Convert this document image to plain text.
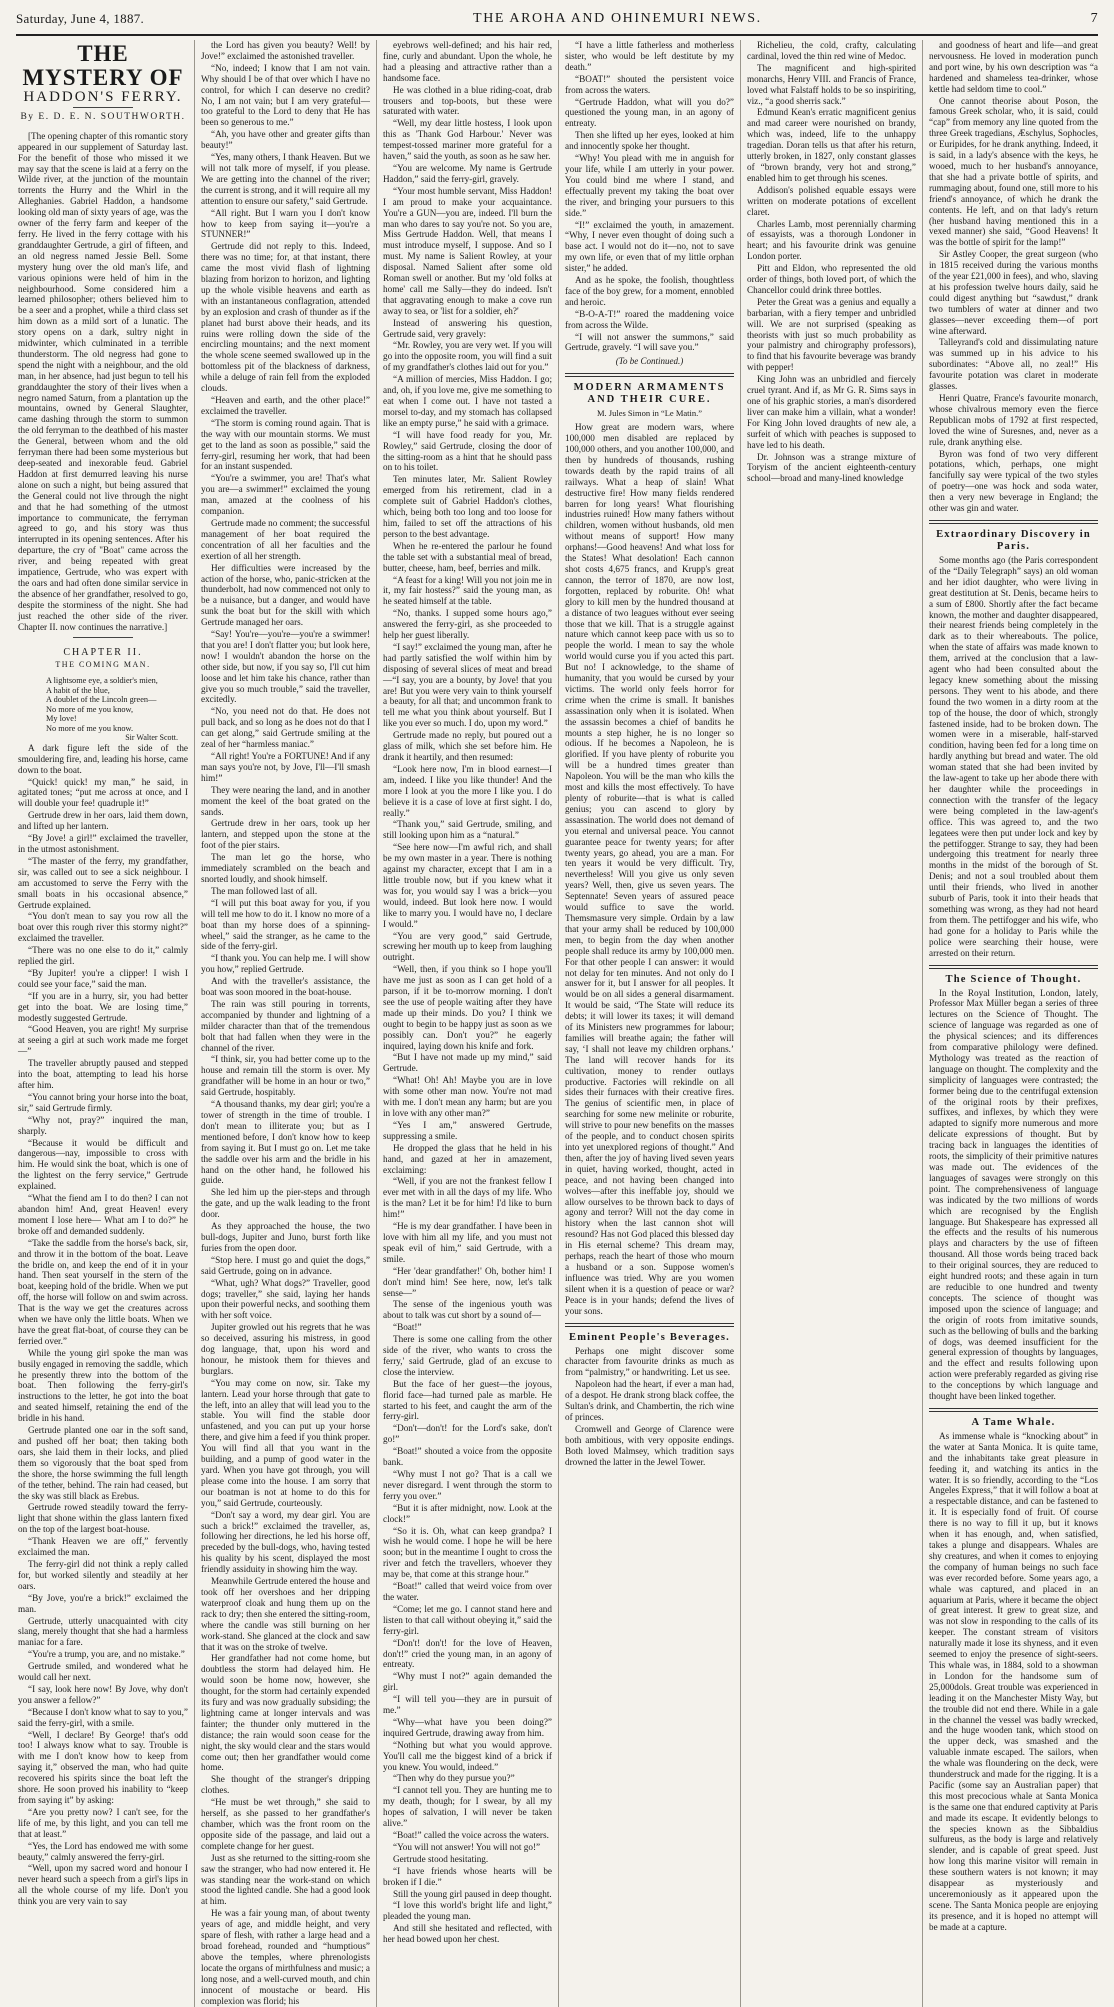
Saturday, June 4, 1887.	THE AROHA AND OHINEMURI NEWS.	7
THE MYSTERY OF
HADDON'S FERRY.
By E. D. E. N. SOUTHWORTH.

[The opening chapter of this romantic story appeared in our supplement of Saturday last. For the benefit of those who missed it we may say that the scene is laid at a ferry on the Wilde river, at the junction of the mountain torrents the Hurry and the Whirl in the Alleghanies. Gabriel Haddon, a handsome looking old man of sixty years of age, was the owner of the ferry farm and keeper of the ferry. He lived in the ferry cottage with his granddaughter Gertrude, a girl of fifteen, and an old negress named Jessie Bell. Some mystery hung over the old man's life, and various opinions were held of him in the neighbourhood. Some considered him a learned philosopher; others believed him to be a seer and a prophet, while a third class set him down as a mild sort of a lunatic. The story opens on a dark, sultry night in midwinter, which culminated in a terrible thunderstorm. The old negress had gone to spend the night with a neighbour, and the old man, in her absence, had just begun to tell his granddaughter the story of their lives when a negro named Saturn, from a plantation up the mountains, owned by General Slaughter, came dashing through the storm to summon the old ferryman to the deathbed of his master the General, between whom and the old ferryman there had been some mysterious but deep-seated and inexorable feud. Gabriel Haddon at first demurred leaving his nurse alone on such a night, but being assured that the General could not live through the night and that he had something of the utmost importance to communicate, the ferryman agreed to go, and his story was thus interrupted in its opening sentences. After his departure, the cry of "Boat" came across the river, and being repeated with great impatience, Gertrude, who was expert with the oars and had often done similar service in the absence of her grandfather, resolved to go, despite the storminess of the night. She had just reached the other side of the river. Chapter II. now continues the narrative.]

CHAPTER II.
THE COMING MAN.
A lightsome eye, a soldier's mien,
A habit of the blue,
A doublet of the Lincoln green—
No more of me you know,
My love!
No more of me you know.
Sir Walter Scott.

A dark figure left the side of the smouldering fire, and, leading his horse, came down to the boat.

“Quick! quick! my man,” he said, in agitated tones; “put me across at once, and I will double your fee! quadruple it!”

Gertrude drew in her oars, laid them down, and lifted up her lantern.

“By Jove! a girl!” exclaimed the traveller, in the utmost astonishment.

“The master of the ferry, my grandfather, sir, was called out to see a sick neighbour. I am accustomed to serve the Ferry with the small boats in his occasional absence,” Gertrude explained.

“You don't mean to say you row all the boat over this rough river this stormy night?” exclaimed the traveller.

“There was no one else to do it,” calmly replied the girl.

“By Jupiter! you're a clipper! I wish I could see your face,” said the man.

“If you are in a hurry, sir, you had better get into the boat. We are losing time,” modestly suggested Gertrude.

“Good Heaven, you are right! My surprise at seeing a girl at such work made me forget—”

The traveller abruptly paused and stepped into the boat, attempting to lead his horse after him.

“You cannot bring your horse into the boat, sir,” said Gertrude firmly.

“Why not, pray?” inquired the man, sharply.

“Because it would be difficult and dangerous—nay, impossible to cross with him. He would sink the boat, which is one of the lightest on the ferry service,” Gertrude explained.

“What the fiend am I to do then? I can not abandon him! And, great Heaven! every moment I lose here— What am I to do?” he broke off and demanded suddenly.

“Take the saddle from the horse's back, sir, and throw it in the bottom of the boat. Leave the bridle on, and keep the end of it in your hand. Then seat yourself in the stern of the boat, keeping hold of the bridle. When we put off, the horse will follow on and swim across. That is the way we get the creatures across when we have only the little boats. When we have the great flat-boat, of course they can be ferried over.”

While the young girl spoke the man was busily engaged in removing the saddle, which he presently threw into the bottom of the boat. Then following the ferry-girl's instructions to the letter, he got into the boat and seated himself, retaining the end of the bridle in his hand.

Gertrude planted one oar in the soft sand, and pushed off her boat; then taking both oars, she laid them in their locks, and plied them so vigorously that the boat sped from the shore, the horse swimming the full length of the tether, behind. The rain had ceased, but the sky was still black as Erebus.

Gertrude rowed steadily toward the ferry-light that shone within the glass lantern fixed on the top of the largest boat-house.

“Thank Heaven we are off,” fervently exclaimed the man.

The ferry-girl did not think a reply called for, but worked silently and steadily at her oars.

“By Jove, you're a brick!” exclaimed the man.

Gertrude, utterly unacquainted with city slang, merely thought that she had a harmless maniac for a fare.

“You're a trump, you are, and no mistake.”

Gertrude smiled, and wondered what he would call her next.

“I say, look here now! By Jove, why don't you answer a fellow?”

“Because I don't know what to say to you,” said the ferry-girl, with a smile.

“Well, I declare! By George! that's odd too! I always know what to say. Trouble is with me I don't know how to keep from saying it,” observed the man, who had quite recovered his spirits since the boat left the shore. He soon proved his inability to “keep from saying it” by asking:

“Are you pretty now? I can't see, for the life of me, by this light, and you can tell me that at least.”

“Yes, the Lord has endowed me with some beauty,” calmly answered the ferry-girl.

“Well, upon my sacred word and honour I never heard such a speech from a girl's lips in all the whole course of my life. Don't you think you are very vain to say

the Lord has given you beauty? Well! by Jove!” exclaimed the astonished traveller.

“No, indeed; I know that I am not vain. Why should I be of that over which I have no control, for which I can deserve no credit? No, I am not vain; but I am very grateful—too grateful to the Lord to deny that He has been so generous to me.”

“Ah, you have other and greater gifts than beauty!”

“Yes, many others, I thank Heaven. But we will not talk more of myself, if you please. We are getting into the channel of the river; the current is strong, and it will require all my attention to ensure our safety,” said Gertrude.

“All right. But I warn you I don't know how to keep from saying it—you're a STUNNER!”

Gertrude did not reply to this. Indeed, there was no time; for, at that instant, there came the most vivid flash of lightning blazing from horizon to horizon, and lighting up the whole visible heavens and earth as with an instantaneous conflagration, attended by an explosion and crash of thunder as if the planet had burst above their heads, and its ruins were rolling down the side of the encircling mountains; and the next moment the whole scene seemed swallowed up in the bottomless pit of the blackness of darkness, while a deluge of rain fell from the exploded clouds.

“Heaven and earth, and the other place!” exclaimed the traveller.

“The storm is coming round again. That is the way with our mountain storms. We must get to the land as soon as possible,” said the ferry-girl, resuming her work, that had been for an instant suspended.

“You're a swimmer, you are! That's what you are—a swimmer!” exclaimed the young man, amazed at the coolness of his companion.

Gertrude made no comment; the successful management of her boat required the concentration of all her faculties and the exertion of all her strength.

Her difficulties were increased by the action of the horse, who, panic-stricken at the thunderbolt, had now commenced not only to be a nuisance, but a danger, and would have sunk the boat but for the skill with which Gertrude managed her oars.

“Say! You're—you're—you're a swimmer! that you are! I don't flatter you; but look here, now! I wouldn't abandon the horse on the other side, but now, if you say so, I'll cut him loose and let him take his chance, rather than give you so much trouble,” said the traveller, excitedly.

“No, you need not do that. He does not pull back, and so long as he does not do that I can get along,” said Gertrude smiling at the zeal of her “harmless maniac.”

“All right! You're a FORTUNE! And if any man says you're not, by Jove, I'll—I'll smash him!”

They were nearing the land, and in another moment the keel of the boat grated on the sands.

Gertrude drew in her oars, took up her lantern, and stepped upon the stone at the foot of the pier stairs.

The man let go the horse, who immediately scrambled on the beach and snorted loudly, and shook himself.

The man followed last of all.

“I will put this boat away for you, if you will tell me how to do it. I know no more of a boat than my horse does of a spinning-wheel,” said the stranger, as he came to the side of the ferry-girl.

“I thank you. You can help me. I will show you how,” replied Gertrude.

And with the traveller's assistance, the boat was soon moored in the boat-house.

The rain was still pouring in torrents, accompanied by thunder and lightning of a milder character than that of the tremendous bolt that had fallen when they were in the channel of the river.

“I think, sir, you had better come up to the house and remain till the storm is over. My grandfather will be home in an hour or two,” said Gertrude, hospitably.

“A thousand thanks, my dear girl; you're a tower of strength in the time of trouble. I don't mean to illiterate you; but as I mentioned before, I don't know how to keep from saying it. But I must go on. Let me take the saddle over his arm and the bridle in his hand on the other hand, he followed his guide.

She led him up the pier-steps and through the gate, and up the walk leading to the front door.

As they approached the house, the two bull-dogs, Jupiter and Juno, burst forth like furies from the open door.

“Stop here. I must go and quiet the dogs,” said Gertrude, going on in advance.

“What, ugh? What dogs?” Traveller, good dogs; traveller,” she said, laying her hands upon their powerful necks, and soothing them with her soft voice.

Jupiter growled out his regrets that he was so deceived, assuring his mistress, in good dog language, that, upon his word and honour, he mistook them for thieves and burglars.

“You may come on now, sir. Take my lantern. Lead your horse through that gate to the left, into an alley that will lead you to the stable. You will find the stable door unfastened, and you can put up your horse there, and give him a feed if you think proper. You will find all that you want in the building, and a pump of good water in the yard. When you have got through, you will please come into the house. I am sorry that our boatman is not at home to do this for you,” said Gertrude, courteously.

“Don't say a word, my dear girl. You are such a brick!” exclaimed the traveller, as, following her directions, he led his horse off, preceded by the bull-dogs, who, having tested his quality by his scent, displayed the most friendly assiduity in showing him the way.

Meanwhile Gertrude entered the house and took off her overshoes and her dripping waterproof cloak and hung them up on the rack to dry; then she entered the sitting-room, where the candle was still burning on her work-stand. She glanced at the clock and saw that it was on the stroke of twelve.

Her grandfather had not come home, but doubtless the storm had delayed him. He would soon be home now, however, she thought, for the storm had certainly expended its fury and was now gradually subsiding; the lightning came at longer intervals and was fainter; the thunder only muttered in the distance; the rain would soon cease for the night, the sky would clear and the stars would come out; then her grandfather would come home.

She thought of the stranger's dripping clothes.

“He must be wet through,” she said to herself, as she passed to her grandfather's chamber, which was the front room on the opposite side of the passage, and laid out a complete change for her guest.

Just as she returned to the sitting-room she saw the stranger, who had now entered it. He was standing near the work-stand on which stood the lighted candle. She had a good look at him.

He was a fair young man, of about twenty years of age, and middle height, and very spare of flesh, with rather a large head and a broad forehead, rounded and “humptious” above the temples, where phrenologists locate the organs of mirthfulness and music; a long nose, and a well-curved mouth, and chin innocent of moustache or beard. His complexion was florid; his

eyebrows well-defined; and his hair red, fine, curly and abundant. Upon the whole, he had a pleasing and attractive rather than a handsome face.

He was clothed in a blue riding-coat, drab trousers and top-boots, but these were saturated with water.

“Well, my dear little hostess, I look upon this as 'Thank God Harbour.' Never was tempest-tossed mariner more grateful for a haven,” said the youth, as soon as he saw her.

“You are welcome. My name is Gertrude Haddon,” said the ferry-girl, gravely.

“Your most humble servant, Miss Haddon! I am proud to make your acquaintance. You're a GUN—you are, indeed. I'll burn the man who dares to say you're not. So you are, Miss Gertrude Haddon. Well, that means I must introduce myself, I suppose. And so I must. My name is Salient Rowley, at your disposal. Named Salient after some old Roman swell or another. But my 'old folks at home' call me Sally—they do indeed. Isn't that aggravating enough to make a cove run away to sea, or 'list for a soldier, eh?'

Instead of answering his question, Gertrude said, very gravely:

“Mr. Rowley, you are very wet. If you will go into the opposite room, you will find a suit of my grandfather's clothes laid out for you.”

“A million of mercies, Miss Haddon. I go; and, oh, if you love me, give me something to eat when I come out. I have not tasted a morsel to-day, and my stomach has collapsed like an empty purse,” he said with a grimace.

“I will have food ready for you, Mr. Rowley,” said Gertrude, closing the door of the sitting-room as a hint that he should pass on to his toilet.

Ten minutes later, Mr. Salient Rowley emerged from his retirement, clad in a complete suit of Gabriel Haddon's clothes, which, being both too long and too loose for him, failed to set off the attractions of his person to the best advantage.

When he re-entered the parlour he found the table set with a substantial meal of bread, butter, cheese, ham, beef, berries and milk.

“A feast for a king! Will you not join me in it, my fair hostess?” said the young man, as he seated himself at the table.

“No, thanks. I supped some hours ago,” answered the ferry-girl, as she proceeded to help her guest liberally.

“I say!” exclaimed the young man, after he had partly satisfied the wolf within him by disposing of several slices of meat and bread—“I say, you are a bounty, by Jove! that you are! But you were very vain to think yourself a beauty, for all that; and uncommon frank to tell me what you think about yourself. But I like you ever so much. I do, upon my word.”

Gertrude made no reply, but poured out a glass of milk, which she set before him. He drank it heartily, and then resumed:

“Look here now, I'm in blood earnest—I am, indeed. I like you like thunder! And the more I look at you the more I like you. I do believe it is a case of love at first sight. I do, really.”

“Thank you,” said Gertrude, smiling, and still looking upon him as a “natural.”

“See here now—I'm awful rich, and shall be my own master in a year. There is nothing against my character, except that I am in a little trouble now, but if you knew what it was for, you would say I was a brick—you would, indeed. But look here now. I would like to marry you. I would have no, I declare I would.”

“You are very good,” said Gertrude, screwing her mouth up to keep from laughing outright.

“Well, then, if you think so I hope you'll have me just as soon as I can get hold of a parson, if it be to-morrow morning. I don't see the use of people waiting after they have made up their minds. Do you? I think we ought to begin to be happy just as soon as we possibly can. Don't you?” he eagerly inquired, laying down his knife and fork.

“But I have not made up my mind,” said Gertrude.

“What! Oh! Ah! Maybe you are in love with some other man now. You're not mad with me. I don't mean any harm; but are you in love with any other man?”

“Yes I am,” answered Gertrude, suppressing a smile.

He dropped the glass that he held in his hand, and gazed at her in amazement, exclaiming:

“Well, if you are not the frankest fellow I ever met with in all the days of my life. Who is the man? Let it be for him! I'd like to burn him!”

“He is my dear grandfather. I have been in love with him all my life, and you must not speak evil of him,” said Gertrude, with a smile.

“Her 'dear grandfather!' Oh, bother him! I don't mind him! See here, now, let's talk sense—”

The sense of the ingenious youth was about to talk was cut short by a sound of—

“Boat!”

There is some one calling from the other side of the river, who wants to cross the ferry,' said Gertrude, glad of an excuse to close the interview.

But the face of her guest—the joyous, florid face—had turned pale as marble. He started to his feet, and caught the arm of the ferry-girl.

“Don't—don't! for the Lord's sake, don't go!”

“Boat!” shouted a voice from the opposite bank.

“Why must I not go? That is a call we never disregard. I went through the storm to ferry you over.”

“But it is after midnight, now. Look at the clock!”

“So it is. Oh, what can keep grandpa? I wish he would come. I hope he will be here soon; but in the meantime I ought to cross the river and fetch the travellers, whoever they may be, that come at this strange hour.”

“Boat!” called that weird voice from over the water.

“Come; let me go. I cannot stand here and listen to that call without obeying it,” said the ferry-girl.

“Don't! don't! for the love of Heaven, don't!” cried the young man, in an agony of entreaty.

“Why must I not?” again demanded the girl.

“I will tell you—they are in pursuit of me.”

“Why—what have you been doing?” inquired Gertrude, drawing away from him.

“Nothing but what you would approve. You'll call me the biggest kind of a brick if you knew. You would, indeed.”

“Then why do they pursue you?”

“I cannot tell you. They are hunting me to my death, though; for I swear, by all my hopes of salvation, I will never be taken alive.”

“Boat!” called the voice across the waters.

“You will not answer! You will not go!”

Gertrude stood hesitating.

“I have friends whose hearts will be broken if I die.”

Still the young girl paused in deep thought.

“I love this world's bright life and light,” pleaded the young man.

And still she hesitated and reflected, with her head bowed upon her chest.

“I have a little fatherless and motherless sister, who would be left destitute by my death.”

“BOAT!” shouted the persistent voice from across the waters.

“Gertrude Haddon, what will you do?” questioned the young man, in an agony of entreaty.

Then she lifted up her eyes, looked at him and innocently spoke her thought.

“Why! You plead with me in anguish for your life, while I am utterly in your power. You could bind me where I stand, and effectually prevent my taking the boat over the river, and bringing your pursuers to this side.”

“I!” exclaimed the youth, in amazement. “Why, I never even thought of doing such a base act. I would not do it—no, not to save my own life, or even that of my little orphan sister,” he added.

And as he spoke, the foolish, thoughtless face of the boy grew, for a moment, ennobled and heroic.

“B-O-A-T!” roared the maddening voice from across the Wilde.

“I will not answer the summons,” said Gertrude, gravely. “I will save you.”

(To be Continued.)
MODERN ARMAMENTS AND THEIR CURE.
M. Jules Simon in “Le Matin.”

How great are modern wars, where 100,000 men disabled are replaced by 100,000 others, and you another 100,000, and then by hundreds of thousands, rushing towards death by the rapid trains of all railways. What a heap of slain! What destructive fire! How many fields rendered barren for long years! What flourishing industries ruined! How many fathers without children, women without husbands, old men without means of support! How many orphans!—Good heavens! And what loss for the States! What desolation! Each cannon shot costs 4,675 francs, and Krupp's great cannon, the terror of 1870, are now lost, forgotten, replaced by roburite. Oh! what glory to kill men by the hundred thousand at a distance of two leagues without ever seeing those that we kill. That is a struggle against nature which cannot keep pace with us so to people the world. I mean to say the whole world would curse you if you acted this part. But no! I acknowledge, to the shame of humanity, that you would be cursed by your victims. The world only feels horror for crime when the crime is small. It banishes assassination only when it is isolated. When the assassin becomes a chief of bandits he mounts a step higher, he is no longer so odious. If he becomes a Napoleon, he is glorified. If you have plenty of roburite you will be a hundred times greater than Napoleon. You will be the man who kills the most and kills the most effectively. To have plenty of roburite—that is what is called genius; you can ascend to glory by assassination. The world does not demand of you eternal and universal peace. You cannot guarantee peace for twenty years; for after twenty years, go ahead, you are a man. For ten years it would be very difficult. Try, nevertheless! Will you give us only seven years? Well, then, give us seven years. The Septennate! Seven years of assured peace would suffice to save the world. Themsmasure very simple. Ordain by a law that your army shall be reduced by 100,000 men, to begin from the day when another people shall reduce its army by 100,000 men. For that other people I can answer: it would not delay for ten minutes. And not only do I answer for it, but I answer for all peoples. It would be on all sides a general disarmament. It would be said, “The State will reduce its debts; it will lower its taxes; it will demand of its Ministers new programmes for labour; families will breathe again; the father will say, ‘I shall not leave my children orphans.’ The land will recover hands for its cultivation, money to render outlays productive. Factories will rekindle on all sides their furnaces with their creative fires. The genius of scientific men, in place of searching for some new melinite or roburite, will strive to pour new benefits on the masses of the people, and to conduct chosen spirits into yet unexplored regions of thought.” And then, after the joy of having lived seven years in quiet, having worked, thought, acted in peace, and not having been changed into wolves—after this ineffable joy, should we allow ourselves to be thrown back to days of agony and terror? Will not the day come in history when the last cannon shot will resound? Has not God placed this blessed day in His eternal scheme? This dream may, perhaps, reach the heart of those who mourn a husband or a son. Suppose women's influence was tried. Why are you women silent when it is a question of peace or war? Peace is in your hands; defend the lives of your sons.

Eminent People's Beverages.

Perhaps one might discover some character from favourite drinks as much as from “palmistry,” or handwriting. Let us see.

Napoleon had the heart, if ever a man had, of a despot. He drank strong black coffee, the Sultan's drink, and Chambertin, the rich wine of princes.

Cromwell and George of Clarence were both ambitious, with very opposite endings. Both loved Malmsey, which tradition says drowned the latter in the Jewel Tower.

Richelieu, the cold, crafty, calculating cardinal, loved the thin red wine of Medoc.

The magnificent and high-spirited monarchs, Henry VIII. and Francis of France, loved what Falstaff holds to be so inspiriting, viz., “a good sherris sack.”

Edmund Kean's erratic magnificent genius and mad career were nourished on brandy, which was, indeed, life to the unhappy tragedian. Doran tells us that after his return, utterly broken, in 1827, only constant glasses of “brown brandy, very hot and strong,” enabled him to get through his scenes.

Addison's polished equable essays were written on moderate potations of excellent claret.

Charles Lamb, most perennially charming of essayists, was a thorough Londoner in heart; and his favourite drink was genuine London porter.

Pitt and Eldon, who represented the old order of things, both loved port, of which the Chancellor could drink three bottles.

Peter the Great was a genius and equally a barbarian, with a fiery temper and unbridled will. We are not surprised (speaking as theorists with just so much probability as your palmistry and chirography professors), to find that his favourite beverage was brandy with pepper!

King John was an unbridled and fiercely cruel tyrant. And if, as Mr G. R. Sims says in one of his graphic stories, a man's disordered liver can make him a villain, what a wonder! For King John loved draughts of new ale, a surfeit of which with peaches is supposed to have led to his death.

Dr. Johnson was a strange mixture of Toryism of the ancient eighteenth-century school—broad and many-lined knowledge

and goodness of heart and life—and great nervousness. He loved in moderation punch and port wine, by his own description was “a hardened and shameless tea-drinker, whose kettle had seldom time to cool.”

One cannot theorise about Poson, the famous Greek scholar, who, it is said, could “cap” from memory any line quoted from the three Greek tragedians, Æschylus, Sophocles, or Euripides, for he drank anything. Indeed, it is said, in a lady's absence with the keys, he wooed, much to her husband's annoyance, that she had a private bottle of spirits, and rummaging about, found one, still more to his friend's annoyance, of which he drank the contents. He left, and on that lady's return (her husband having mentioned this in a vexed manner) she said, “Good Heavens! It was the bottle of spirit for the lamp!”

Sir Astley Cooper, the great surgeon (who in 1815 received during the various months of the year £21,000 in fees), and who, slaving at his profession twelve hours daily, said he could digest anything but “sawdust,” drank two tumblers of water at dinner and two glasses—never exceeding them—of port wine afterward.

Talleyrand's cold and dissimulating nature was summed up in his advice to his subordinates: “Above all, no zeal!” His favourite potation was claret in moderate glasses.

Henri Quatre, France's favourite monarch, whose chivalrous memory even the fierce Republican mobs of 1792 at first respected, loved the wine of Suresnes, and, never as a rule, drank anything else.

Byron was fond of two very different potations, which, perhaps, one might fancifully say were typical of the two styles of poetry—one was hock and soda water, then a very new beverage in England; the other was gin and water.

Extraordinary Discovery in Paris.

Some months ago (the Paris correspondent of the “Daily Telegraph” says) an old woman and her idiot daughter, who were living in great destitution at St. Denis, became heirs to a sum of £800. Shortly after the fact became known, the mother and daughter disappeared, their nearest friends being completely in the dark as to their whereabouts. The police, when the state of affairs was made known to them, arrived at the conclusion that a law-agent who had been consulted about the legacy knew something about the missing persons. They went to his abode, and there found the two women in a dirty room at the top of the house, the door of which, strongly fastened inside, had to be broken down. The women were in a miserable, half-starved condition, having been fed for a long time on hardly anything but bread and water. The old woman stated that she had been invited by the law-agent to take up her abode there with her daughter while the proceedings in connection with the transfer of the legacy were being completed in the law-agent's office. This was agreed to, and the two legatees were then put under lock and key by the pettifogger. Strange to say, they had been undergoing this treatment for nearly three months in the midst of the borough of St. Denis; and not a soul troubled about them until their friends, who lived in another suburb of Paris, took it into their heads that something was wrong, as they had not heard from them. The pettifogger and his wife, who had gone for a holiday to Paris while the police were searching their house, were arrested on their return.

The Science of Thought.

In the Royal Institution, London, lately, Professor Max Müller began a series of three lectures on the Science of Thought. The science of language was regarded as one of the physical sciences; and its differences from comparative philology were defined. Mythology was treated as the reaction of language on thought. The complexity and the simplicity of languages were contrasted; the former being due to the centrifugal extension of the original roots by their prefixes, suffixes, and inflexes, by which they were adapted to signify more numerous and more delicate expressions of thought. But by tracing back in languages the identities of roots, the simplicity of their primitive natures was made out. The evidences of the languages of savages were strongly on this point. The comprehensiveness of language was indicated by the two millions of words which are recognised by the English language. But Shakespeare has expressed all the effects and the results of his numerous plays and characters by the use of fifteen thousand. All those words being traced back to their original sources, they are reduced to eight hundred roots; and these again in turn are reducible to one hundred and twenty concepts. The science of thought was imposed upon the science of language; and the origin of roots from imitative sounds, such as the bellowing of bulls and the barking of dogs, was deemed insufficient for the general expression of thoughts by languages, and the effect and results following upon action were preferably regarded as giving rise to the conceptions by which language and thought have been linked together.

A Tame Whale.

As immense whale is “knocking about” in the water at Santa Monica. It is quite tame, and the inhabitants take great pleasure in feeding it, and watching its antics in the water. It is so friendly, according to the “Los Angeles Express,” that it will follow a boat at a respectable distance, and can be fastened to it. It is especially fond of fruit. Of course there is no way to fill it up, but it knows when it has enough, and, when satisfied, takes a plunge and disappears. Whales are shy creatures, and when it comes to enjoying the company of human beings no such face was ever recorded before. Some years ago, a whale was captured, and placed in an aquarium at Paris, where it became the object of great interest. It grew to great size, and was not slow in responding to the calls of its keeper. The constant stream of visitors naturally made it lose its shyness, and it even seemed to enjoy the presence of sight-seers. This whale was, in 1884, sold to a showman in London for the handsome sum of 25,000dols. Great trouble was experienced in leading it on the Manchester Misty Way, but the trouble did not end there. While in a gale in the channel the vessel was badly wrecked, and the huge wooden tank, which stood on the upper deck, was smashed and the valuable inmate escaped. The sailors, when the whale was floundering on the deck, were thunderstruck and made for the rigging. It is a Pacific (some say an Australian paper) that this most precocious whale at Santa Monica is the same one that endured captivity at Paris and made its escape. It evidently belongs to the species known as the Sibbaldius sulfureus, as the body is large and relatively slender, and is capable of great speed. Just how long this marine visitor will remain in these southern waters is not known; it may disappear as mysteriously and unceremoniously as it appeared upon the scene. The Santa Monica people are enjoying its presence, and it is hoped no attempt will be made at a capture.
